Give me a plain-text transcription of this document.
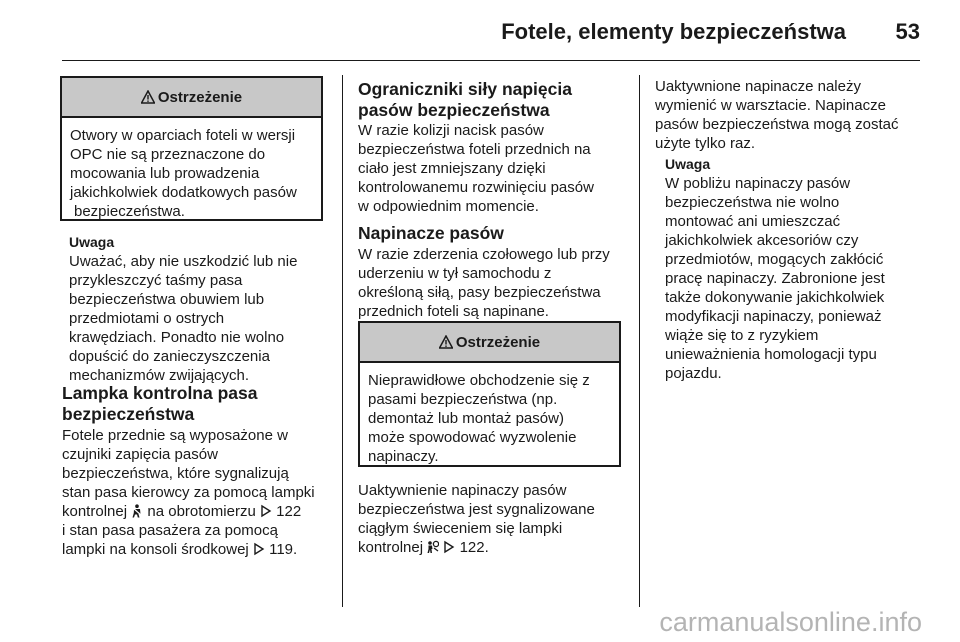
Fotele, elementy bezpieczeństwa 53
Ostrzeżenie
Otwory w oparciach foteli w wersji
OPC nie są przeznaczone do
mocowania lub prowadzenia
jakichkolwiek dodatkowych pasów
bezpieczeństwa.
Uwaga
Uważać, aby nie uszkodzić lub nie
przykleszczyć taśmy pasa
bezpieczeństwa obuwiem lub
przedmiotami o ostrych
krawędziach. Ponadto nie wolno
dopuścić do zanieczyszczenia
mechanizmów zwijających.
Lampka kontrolna pasa
bezpieczeństwa
Fotele przednie są wyposażone w
czujniki zapięcia pasów
bezpieczeństwa, które sygnalizują
stan pasa kierowcy za pomocą lampki
kontrolnej na obrotomierzu 122
i stan pasa pasażera za pomocą
lampki na konsoli środkowej 119.
Ograniczniki siły napięcia
pasów bezpieczeństwa
W razie kolizji nacisk pasów
bezpieczeństwa foteli przednich na
ciało jest zmniejszany dzięki
kontrolowanemu rozwinięciu pasów
w odpowiednim momencie.
Napinacze pasów
W razie zderzenia czołowego lub przy
uderzeniu w tył samochodu z
określoną siłą, pasy bezpieczeństwa
przednich foteli są napinane.
Ostrzeżenie
Nieprawidłowe obchodzenie się z
pasami bezpieczeństwa (np.
demontaż lub montaż pasów)
może spowodować wyzwolenie
napinaczy.
Uaktywnienie napinaczy pasów
bezpieczeństwa jest sygnalizowane
ciągłym świeceniem się lampki
kontrolnej 122.
Uaktywnione napinacze należy
wymienić w warsztacie. Napinacze
pasów bezpieczeństwa mogą zostać
użyte tylko raz.
Uwaga
W pobliżu napinaczy pasów
bezpieczeństwa nie wolno
montować ani umieszczać
jakichkolwiek akcesoriów czy
przedmiotów, mogących zakłócić
pracę napinaczy. Zabronione jest
także dokonywanie jakichkolwiek
modyfikacji napinaczy, ponieważ
wiąże się to z ryzykiem
unieważnienia homologacji typu
pojazdu.
carmanualsonline.info
